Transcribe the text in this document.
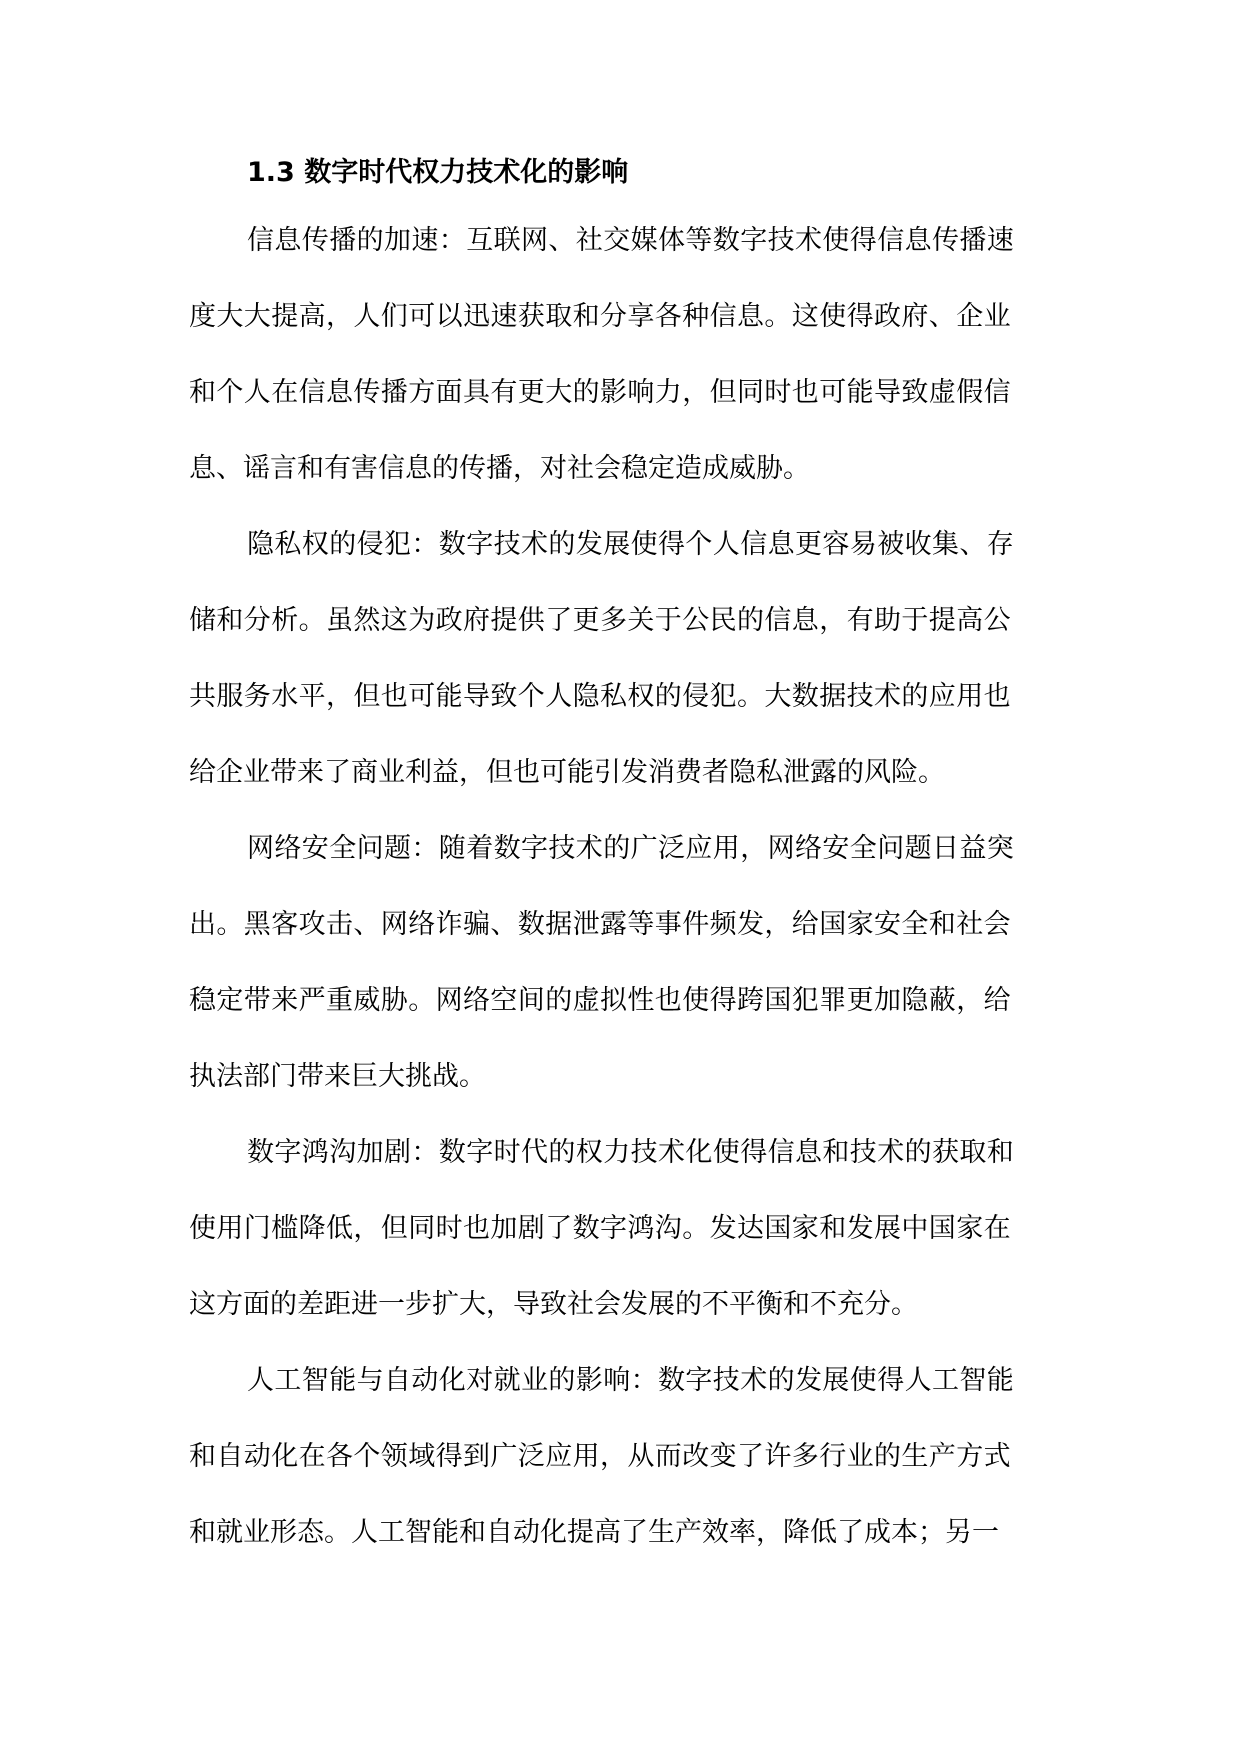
1.3 数字时代权力技术化的影响
信息传播的加速：互联网、社交媒体等数字技术使得信息传播速
度大大提高，人们可以迅速获取和分享各种信息。这使得政府、企业
和个人在信息传播方面具有更大的影响力，但同时也可能导致虚假信
息、谣言和有害信息的传播，对社会稳定造成威胁。
隐私权的侵犯：数字技术的发展使得个人信息更容易被收集、存
储和分析。虽然这为政府提供了更多关于公民的信息，有助于提高公
共服务水平，但也可能导致个人隐私权的侵犯。大数据技术的应用也
给企业带来了商业利益，但也可能引发消费者隐私泄露的风险。
网络安全问题：随着数字技术的广泛应用，网络安全问题日益突
出。黑客攻击、网络诈骗、数据泄露等事件频发，给国家安全和社会
稳定带来严重威胁。网络空间的虚拟性也使得跨国犯罪更加隐蔽，给
执法部门带来巨大挑战。
数字鸿沟加剧：数字时代的权力技术化使得信息和技术的获取和
使用门槛降低，但同时也加剧了数字鸿沟。发达国家和发展中国家在
这方面的差距进一步扩大，导致社会发展的不平衡和不充分。
人工智能与自动化对就业的影响：数字技术的发展使得人工智能
和自动化在各个领域得到广泛应用，从而改变了许多行业的生产方式
和就业形态。人工智能和自动化提高了生产效率，降低了成本；另一
